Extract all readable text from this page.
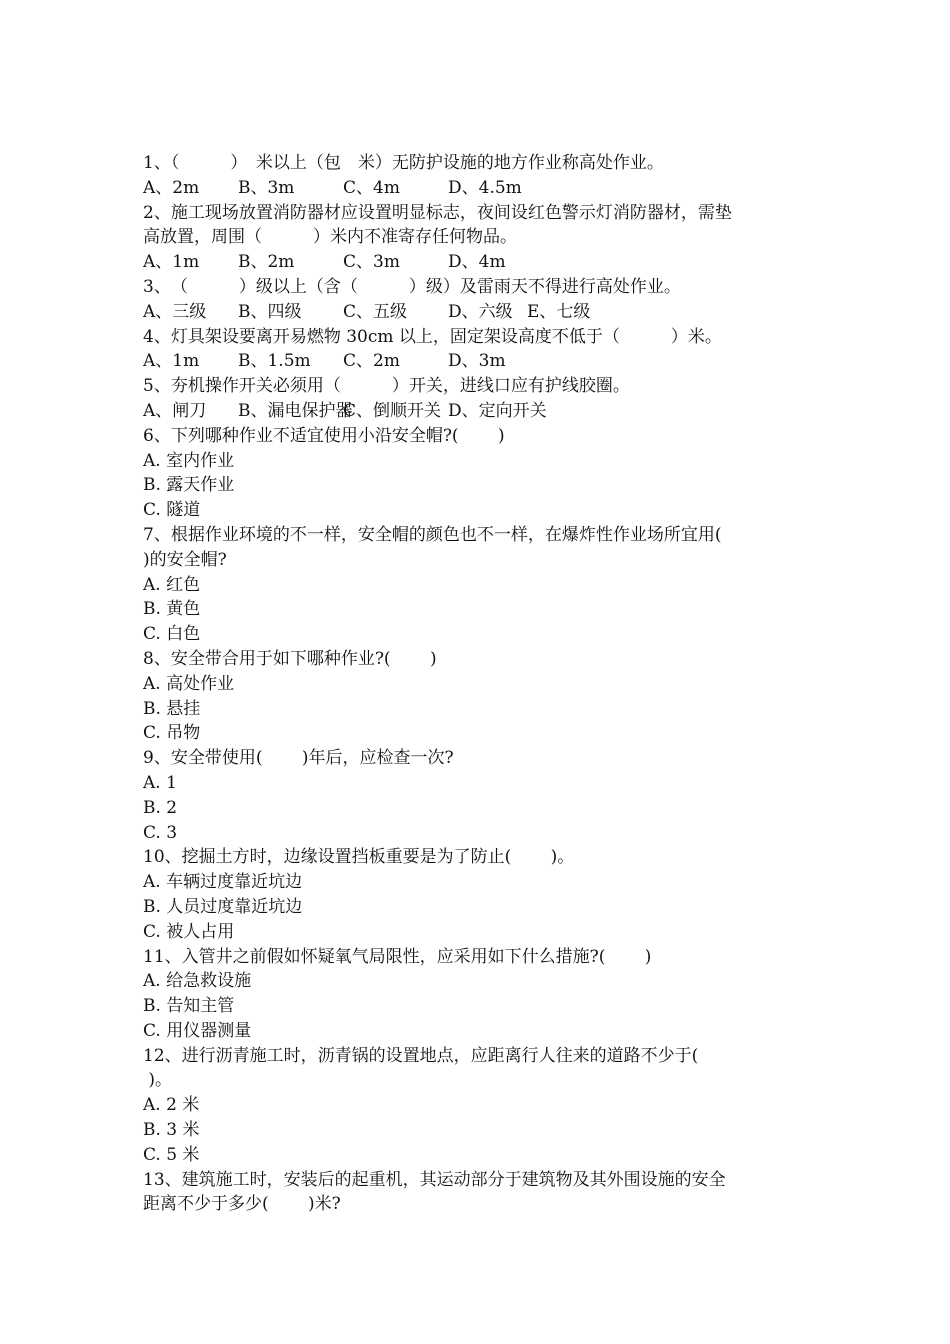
1、（　　　）　米以上（包　米）无防护设施的地方作业称高处作业。
A、2m B、3m	C、4m	D、4.5m
2、施工现场放置消防器材应设置明显标志，夜间设红色警示灯消防器材，需垫
高放置，周围（　　　）米内不准寄存任何物品。
A、1m B、2m	C、3m	D、4m
3、　（　　　）级以上（含（　　　）级）及雷雨天不得进行高处作业。
A、三级 B、四级 C、五级 D、六级 E、七级
4、灯具架设要离开易燃物 30cm 以上，固定架设高度不低于（　　　）米。
A、1m B、1.5m C、2m	D、3m
5、夯机操作开关必须用（　　　）开关，进线口应有护线胶圈。
A、闸刀 B、漏电保护器
C、倒顺开关 D、定向开关
6、下列哪种作业不适宜使用小沿安全帽?(　　 )
A. 室内作业
B. 露天作业
C. 隧道
7、根据作业环境的不一样，安全帽的颜色也不一样，在爆炸性作业场所宜用(
)的安全帽?
A. 红色
B. 黄色
C. 白色
8、安全带合用于如下哪种作业?(　　 )
A. 高处作业
B. 悬挂
C. 吊物
9、安全带使用(　　 )年后，应检查一次?
A. 1
B. 2
C. 3
10、挖掘土方时，边缘设置挡板重要是为了防止(　　 )。
A. 车辆过度靠近坑边
B. 人员过度靠近坑边
C. 被人占用
11、入管井之前假如怀疑氧气局限性，应采用如下什么措施?(　　 )
A. 给急救设施
B. 告知主管
C. 用仪器测量
12、进行沥青施工时，沥青锅的设置地点，应距离行人往来的道路不少于(
)。
A. 2 米
B. 3 米
C. 5 米
13、建筑施工时，安装后的起重机，其运动部分于建筑物及其外围设施的安全
距离不少于多少(　　 )米?
